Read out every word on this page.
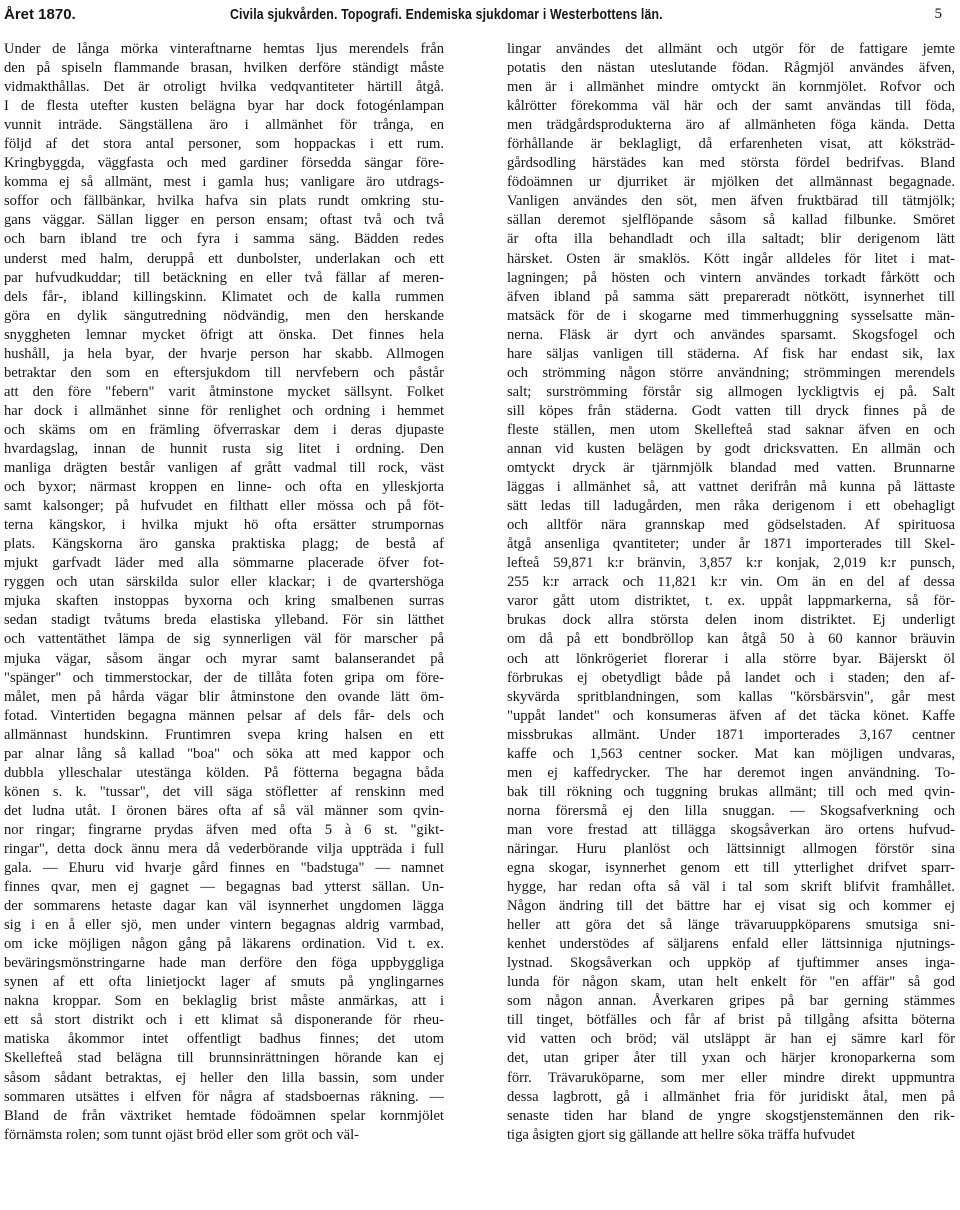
Året 1870.	Civila sjukvården. Topografi. Endemiska sjukdomar i Westerbottens län.	5
Under de långa mörka vinteraftnarne hemtas ljus merendels från
den på spiseln flammande brasan, hvilken derföre ständigt måste
vidmakthållas. Det är otroligt hvilka vedqvantiteter härtill åtgå.
I de flesta utefter kusten belägna byar har dock fotogénlampan
vunnit inträde. Sängställena äro i allmänhet för trånga, en
följd af det stora antal personer, som hoppackas i ett rum.
Kringbyggda, väggfasta och med gardiner försedda sängar före-
komma ej så allmänt, mest i gamla hus; vanligare äro utdrags-
soffor och fällbänkar, hvilka hafva sin plats rundt omkring stu-
gans väggar. Sällan ligger en person ensam; oftast två och två
och barn ibland tre och fyra i samma säng. Bädden redes
underst med halm, deruppå ett dunbolster, underlakan och ett
par hufvudkuddar; till betäckning en eller två fällar af meren-
dels får-, ibland killingskinn. Klimatet och de kalla rummen
göra en dylik sängutredning nödvändig, men den herskande
snyggheten lemnar mycket öfrigt att önska. Det finnes hela
hushåll, ja hela byar, der hvarje person har skabb. Allmogen
betraktar den som en eftersjukdom till nervfebern och påstår
att den före "febern" varit åtminstone mycket sällsynt. Folket
har dock i allmänhet sinne för renlighet och ordning i hemmet
och skäms om en främling öfverraskar dem i deras djupaste
hvardagslag, innan de hunnit rusta sig litet i ordning. Den
manliga drägten består vanligen af grått vadmal till rock, väst
och byxor; närmast kroppen en linne- och ofta en ylleskjorta
samt kalsonger; på hufvudet en filthatt eller mössa och på föt-
terna kängskor, i hvilka mjukt hö ofta ersätter strumpornas
plats. Kängskorna äro ganska praktiska plagg; de bestå af
mjukt garfvadt läder med alla sömmarne placerade öfver fot-
ryggen och utan särskilda sulor eller klackar; i de qvartershöga
mjuka skaften instoppas byxorna och kring smalbenen surras
sedan stadigt tvåtums breda elastiska ylleband. För sin lätthet
och vattentäthet lämpa de sig synnerligen väl för marscher på
mjuka vägar, såsom ängar och myrar samt balanserandet på
"spänger" och timmerstockar, der de tillåta foten gripa om före-
målet, men på hårda vägar blir åtminstone den ovande lätt öm-
fotad. Vintertiden begagna männen pelsar af dels får- dels och
allmännast hundskinn. Fruntimren svepa kring halsen en ett
par alnar lång så kallad "boa" och söka att med kappor och
dubbla ylleschalar utestänga kölden. På fötterna begagna båda
könen s. k. "tussar", det vill säga stöfletter af renskinn med
det ludna utåt. I öronen bäres ofta af så väl männer som qvin-
nor ringar; fingrarne prydas äfven med ofta 5 à 6 st. "gikt-
ringar", detta dock ännu mera då vederbörande vilja uppträda i full
gala. — Ehuru vid hvarje gård finnes en "badstuga" — namnet
finnes qvar, men ej gagnet — begagnas bad ytterst sällan. Un-
der sommarens hetaste dagar kan väl isynnerhet ungdomen lägga
sig i en å eller sjö, men under vintern begagnas aldrig varmbad,
om icke möjligen någon gång på läkarens ordination. Vid t. ex.
beväringsmönstringarne hade man derföre den föga uppbyggliga
synen af ett ofta linietjockt lager af smuts på ynglingarnes
nakna kroppar. Som en beklaglig brist måste anmärkas, att i
ett så stort distrikt och i ett klimat så disponerande för rheu-
matiska åkommor intet offentligt badhus finnes; det utom
Skellefteå stad belägna till brunnsinrättningen hörande kan ej
såsom sådant betraktas, ej heller den lilla bassin, som under
sommaren utsättes i elfven för några af stadsboernas räkning. —
Bland de från växtriket hemtade födoämnen spelar kornmjölet
förnämsta rolen; som tunnt ojäst bröd eller som gröt och väl-
lingar användes det allmänt och utgör för de fattigare jemte
potatis den nästan uteslutande födan. Rågmjöl användes äfven,
men är i allmänhet mindre omtyckt än kornmjölet. Rofvor och
kålrötter förekomma väl här och der samt användas till föda,
men trädgårdsprodukterna äro af allmänheten föga kända. Detta
förhållande är beklagligt, då erfarenheten visat, att köksträd-
gårdsodling härstädes kan med största fördel bedrifvas. Bland
födoämnen ur djurriket är mjölken det allmännast begagnade.
Vanligen användes den söt, men äfven fruktbärad till tätmjölk;
sällan deremot sjelflöpande såsom så kallad filbunke. Smöret
är ofta illa behandladt och illa saltadt; blir derigenom lätt
härsket. Osten är smaklös. Kött ingår alldeles för litet i mat-
lagningen; på hösten och vintern användes torkadt fårkött och
äfven ibland på samma sätt prepareradt nötkött, isynnerhet till
matsäck för de i skogarne med timmerhuggning sysselsatte män-
nerna. Fläsk är dyrt och användes sparsamt. Skogsfogel och
hare säljas vanligen till städerna. Af fisk har endast sik, lax
och strömming någon större användning; strömmingen merendels
salt; surströmming förstår sig allmogen lyckligtvis ej på. Salt
sill köpes från städerna. Godt vatten till dryck finnes på de
fleste ställen, men utom Skellefteå stad saknar äfven en och
annan vid kusten belägen by godt dricksvatten. En allmän och
omtyckt dryck är tjärnmjölk blandad med vatten. Brunnarne
läggas i allmänhet så, att vattnet derifrån må kunna på lättaste
sätt ledas till ladugården, men råka derigenom i ett obehagligt
och alltför nära grannskap med gödselstaden. Af spirituosa
åtgå ansenliga qvantiteter; under år 1871 importerades till Skel-
lefteå 59,871 k:r bränvin, 3,857 k:r konjak, 2,019 k:r punsch,
255 k:r arrack och 11,821 k:r vin. Om än en del af dessa
varor gått utom distriktet, t. ex. uppåt lappmarkerna, så för-
brukas dock allra största delen inom distriktet. Ej underligt
om då på ett bondbröllop kan åtgå 50 à 60 kannor bräuvin
och att lönkrögeriet florerar i alla större byar. Bäjerskt öl
förbrukas ej obetydligt både på landet och i staden; den af-
skyvärda spritblandningen, som kallas "körsbärsvin", går mest
"uppåt landet" och konsumeras äfven af det täcka könet. Kaffe
missbrukas allmänt. Under 1871 importerades 3,167 centner
kaffe och 1,563 centner socker. Mat kan möjligen undvaras,
men ej kaffedrycker. The har deremot ingen användning. To-
bak till rökning och tuggning brukas allmänt; till och med qvin-
norna förersmå ej den lilla snuggan. — Skogsafverkning och
man vore frestad att tillägga skogsåverkan äro ortens hufvud-
näringar. Huru planlöst och lättsinnigt allmogen förstör sina
egna skogar, isynnerhet genom ett till ytterlighet drifvet sparr-
hygge, har redan ofta så väl i tal som skrift blifvit framhållet.
Någon ändring till det bättre har ej visat sig och kommer ej
heller att göra det så länge trävaruuppköparens smutsiga sni-
kenhet understödes af säljarens enfald eller lättsinniga njutnings-
lystnad. Skogsåverkan och uppköp af tjuftimmer anses inga-
lunda för någon skam, utan helt enkelt för "en affär" så god
som någon annan. Åverkaren gripes på bar gerning stämmes
till tinget, bötfälles och får af brist på tillgång afsitta böterna
vid vatten och bröd; väl utsläppt är han ej sämre karl för
det, utan griper åter till yxan och härjer kronoparkerna som
förr. Trävaruköparne, som mer eller mindre direkt uppmuntra
dessa lagbrott, gå i allmänhet fria för juridiskt åtal, men på
senaste tiden har bland de yngre skogstjenstemännen den rik-
tiga åsigten gjort sig gällande att hellre söka träffa hufvudet
